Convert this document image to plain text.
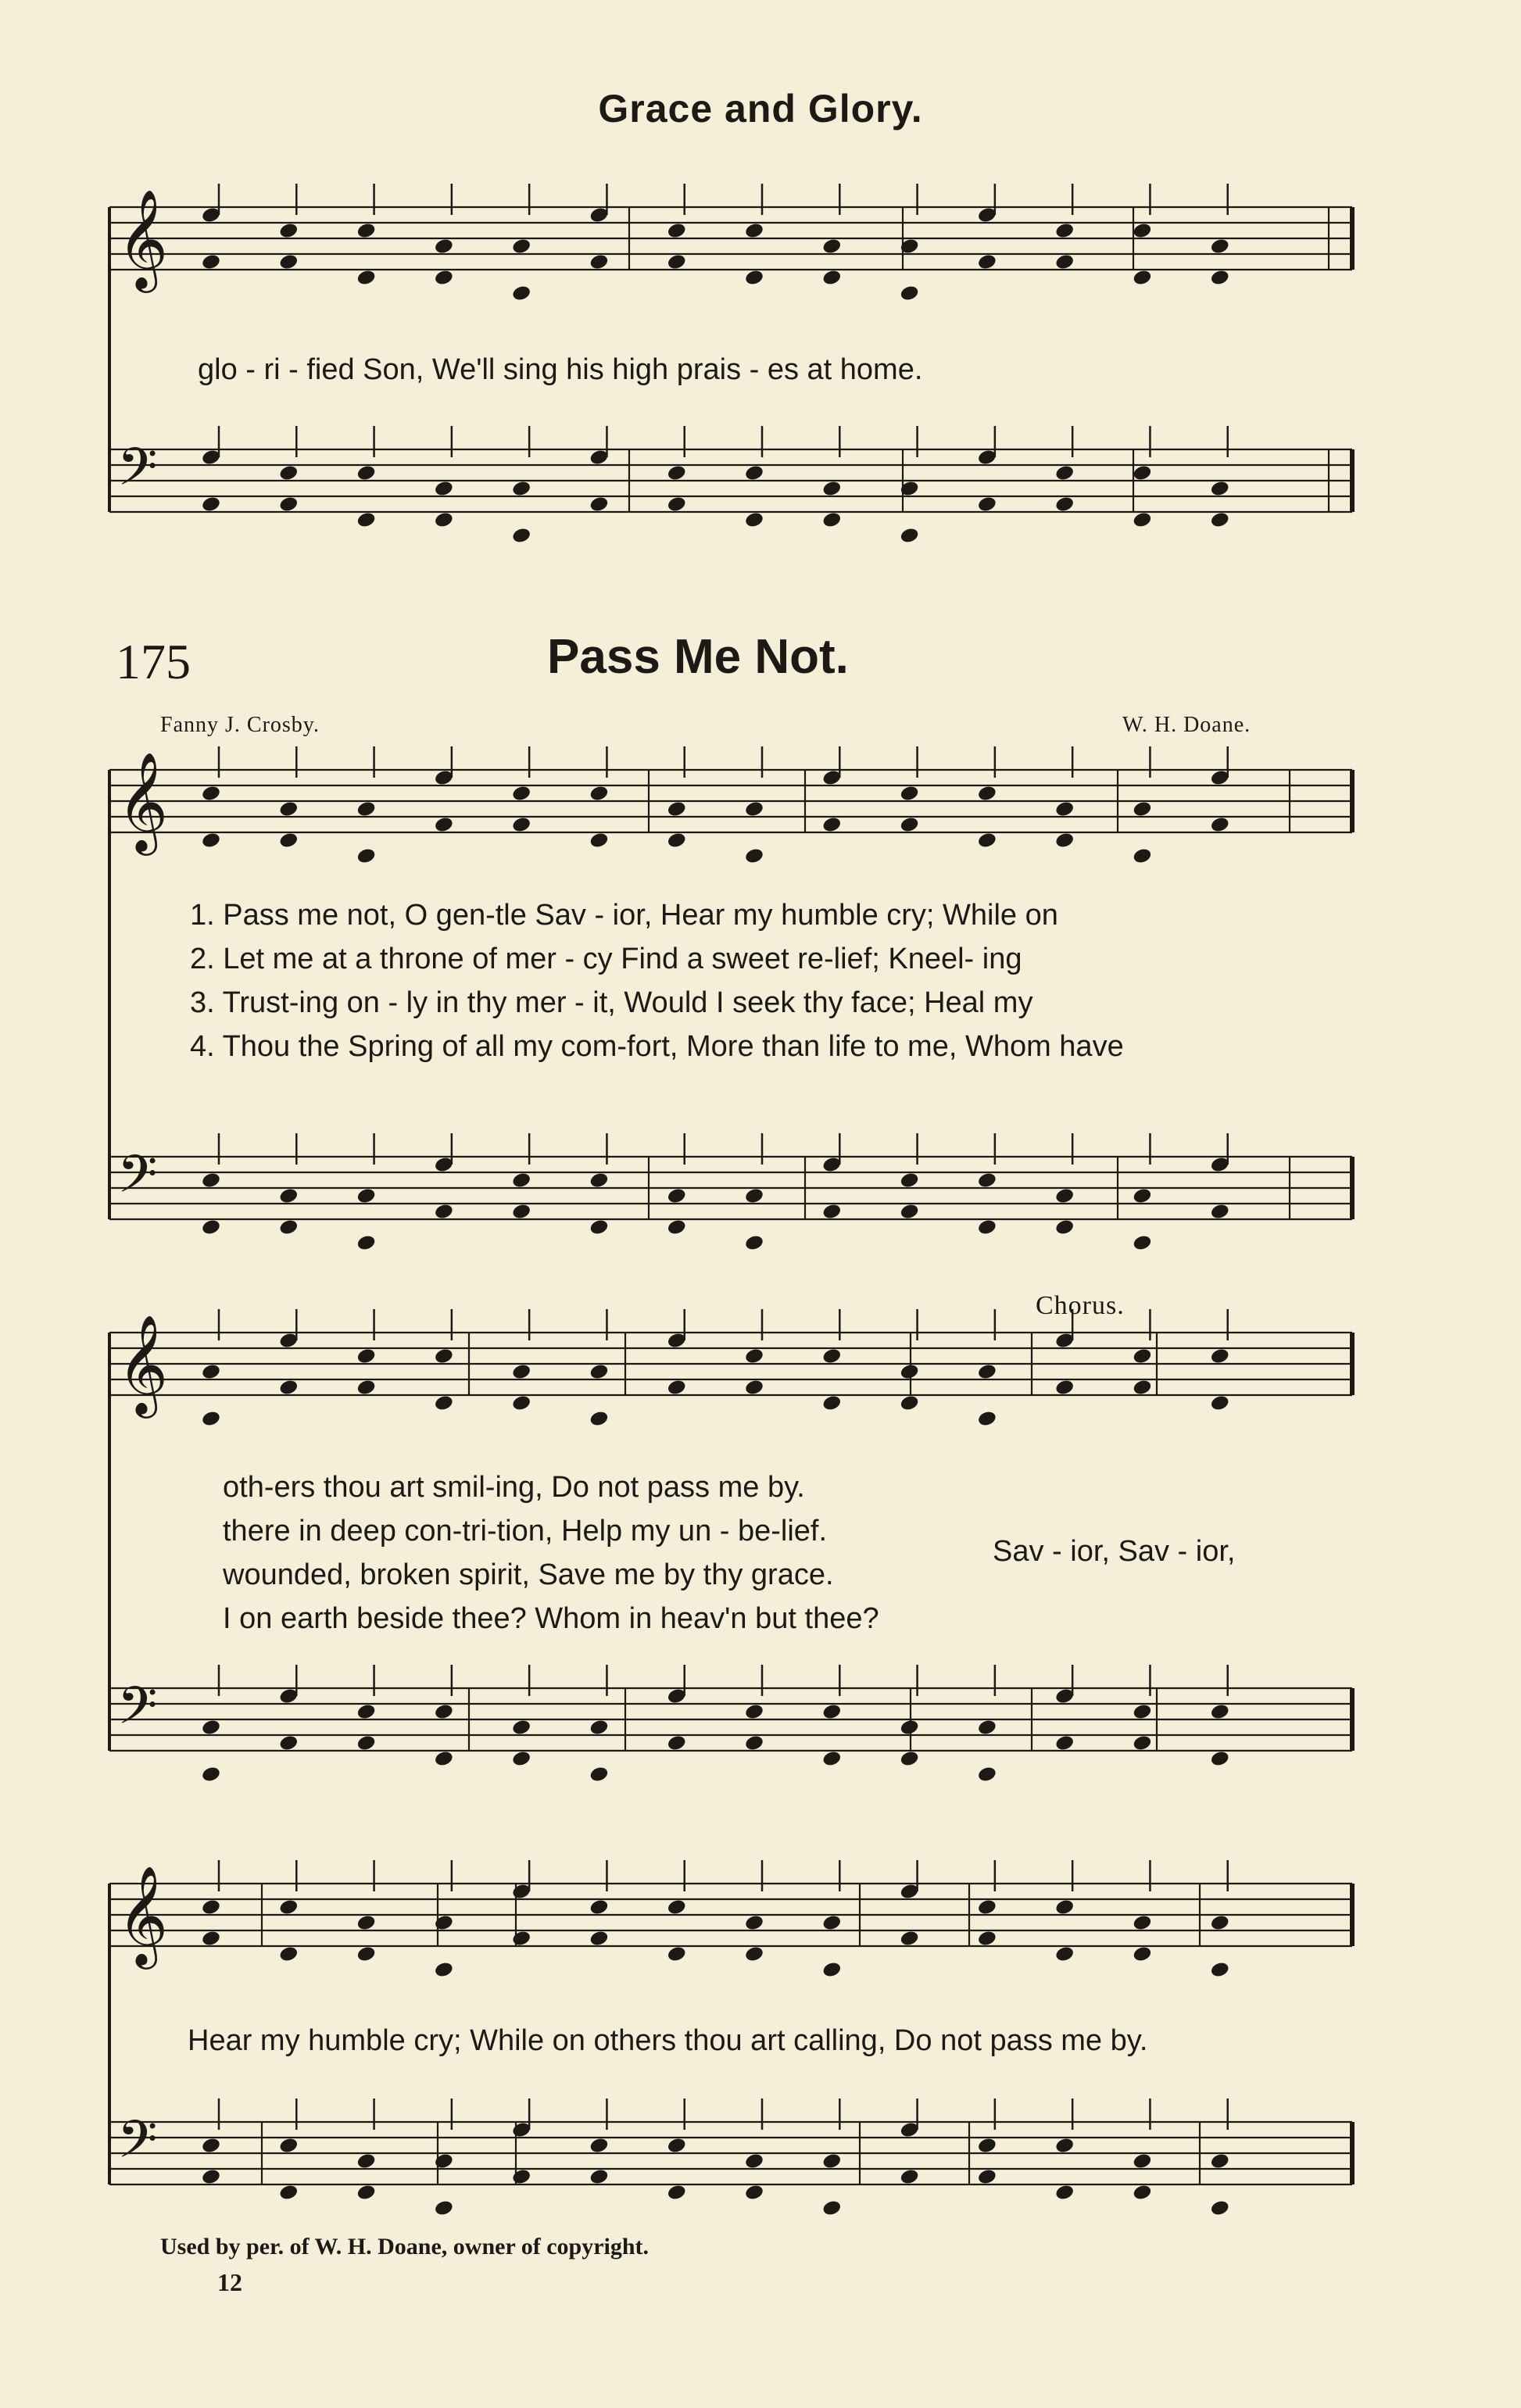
𝄞
𝄢
𝄞
𝄢
𝄞
𝄢
𝄞
𝄢
Grace and Glory.
glo - ri - fied Son, We'll sing his high prais - es at home.
175	Pass Me Not.
Fanny J. Crosby.	W. H. Doane.
1. Pass me not, O gen-tle Sav - ior, Hear my humble cry; While on
2. Let me at a throne of mer - cy Find a sweet re-lief; Kneel- ing
3. Trust-ing on - ly in thy mer - it, Would I seek thy face; Heal my
4. Thou the Spring of all my com-fort, More than life to me, Whom have
Chorus.
oth-ers thou art smil-ing, Do not pass me by.
there in deep con-tri-tion, Help my un - be-lief.
wounded, broken spirit, Save me by thy grace.
I on earth beside thee? Whom in heav'n but thee?
Sav - ior, Sav - ior,
Hear my humble cry; While on others thou art calling, Do not pass me by.
Used by per. of W. H. Doane, owner of copyright.
12
